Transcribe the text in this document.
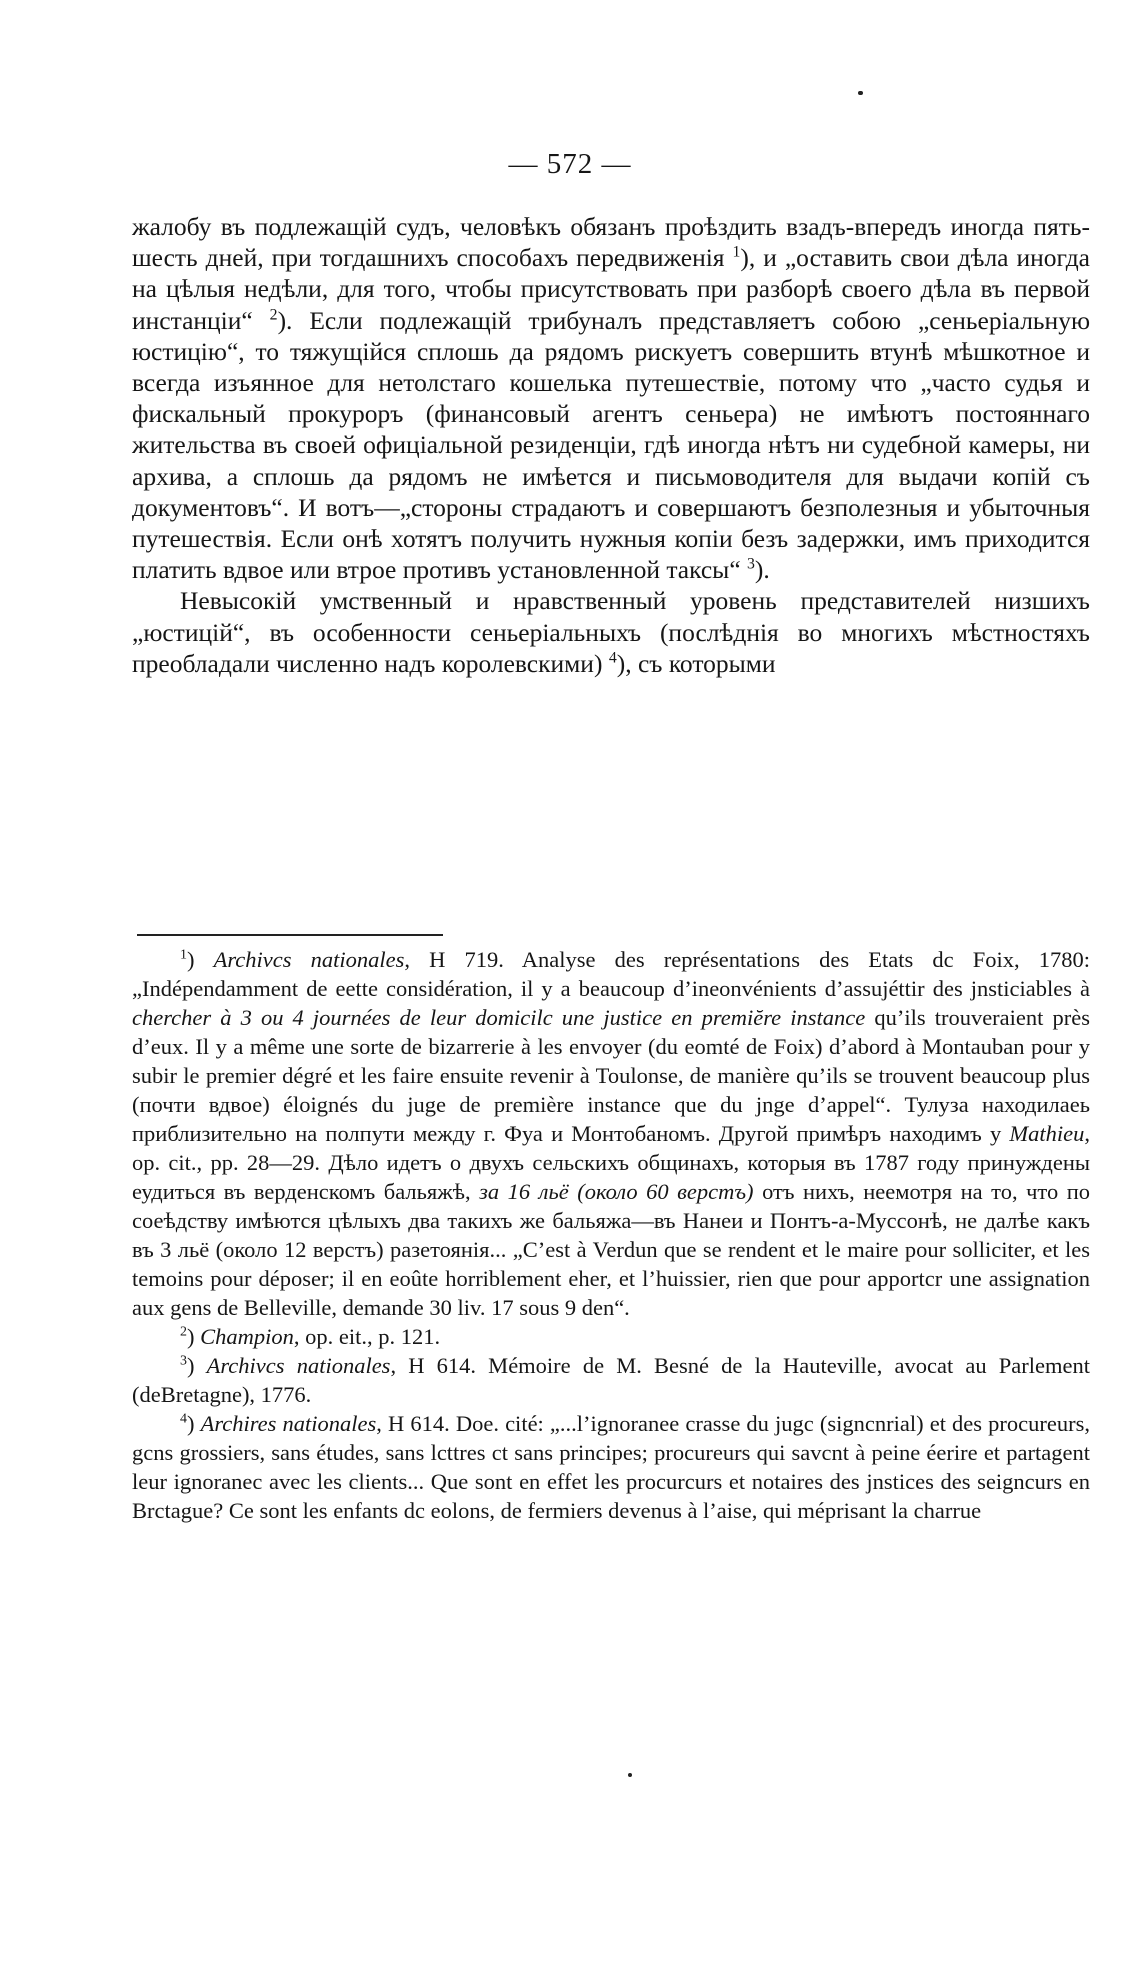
— 572 —

жалобу въ подлежащій судъ, человѣкъ обязанъ проѣздить взадъ-впередъ иногда пять-шесть дней, при тогдашнихъ способахъ передвиженія $^1$), и „оставить свои дѣла иногда на цѣлыя недѣли, для того, чтобы присутствовать при разборѣ своего дѣла въ первой инстанціи“ $^2$). Если подлежащій трибуналъ представляетъ собою „сеньеріальную юстицію“, то тяжущійся сплошь да рядомъ рискуетъ совершить втунѣ мѣшкотное и всегда изъянное для нетолстаго кошелька путешествіе, потому что „часто судья и фискальный прокуроръ (финансовый агентъ сеньера) не имѣютъ постояннаго жительства въ своей офиціальной резиденціи, гдѣ иногда нѣтъ ни судебной камеры, ни архива, а сплошь да рядомъ не имѣется и письмоводителя для выдачи копій съ документовъ“. И вотъ—„стороны страдаютъ и совершаютъ безполезныя и убыточныя путешествія. Если онѣ хотятъ получить нужныя копіи безъ задержки, имъ приходится платить вдвое или втрое противъ установленной таксы“ $^3$).

Невысокій умственный и нравственный уровень представителей низшихъ „юстицій“, въ особенности сеньеріальныхъ (послѣднія во многихъ мѣстностяхъ преобладали численно надъ королевскими) $^4$), съ которыми

$^1$) Archivcs nationales, H 719. Analyse des représentations des Etats dc Foix, 1780: „Indépendamment de eette considération, il y a beaucoup d’ineonvénients d’assujéttir des jnsticiables à chercher à 3 ou 4 journées de leur domicilc une justice en premiĕre instance qu’ils trouveraient près d’eux. Il y a même une sorte de bizarrerie à les envoyer (du eomté de Foix) d’abord à Montauban pour y subir le premier dégré et les faire ensuite revenir à Toulonse, de manière qu’ils se trouvent beaucoup plus (почти вдвое) éloignés du juge de première instance que du jnge d’appel“. Тулуза находилаеь приблизительно на полпути между г. Фуа и Монтобаномъ. Другой примѣръ находимъ у Mathieu, op. cit., pp. 28—29. Дѣло идетъ о двухъ сельскихъ общинахъ, которыя въ 1787 году принуждены еудиться въ верденскомъ бальяжѣ, за 16 льё (около 60 верстъ) отъ нихъ, неемотря на то, что по соеѣдству имѣются цѣлыхъ два такихъ же бальяжа—въ Нанеи и Понтъ-а-Муссонѣ, не далѣе какъ въ 3 льё (около 12 верстъ) разетоянія... „C’est à Verdun que se rendent et le maire pour solliciter, et les temoins pour déposer; il en eoûte horriblement eher, et l’huissier, rien que pour apportcr une assignation aux gens de Belleville, demande 30 liv. 17 sous 9 den“.

$^2$) Champion, op. eit., p. 121.

$^3$) Archivcs nationales, H 614. Mémoire de M. Besné de la Hauteville, avocat au Parlement (deBretagne), 1776.

$^4$) Archires nationales, H 614. Doe. cité: „...l’ignoranee crasse du jugc (signcnrial) et des procureurs, gcns grossiers, sans études, sans lcttres ct sans principes; procureurs qui savcnt à peine éerire et partagent leur ignoranec avec les clients... Que sont en effet les procurcurs et notaires des jnstices des seigncurs en Brctague? Ce sont les enfants dc eolons, de fermiers devenus à l’aise, qui méprisant la charrue
